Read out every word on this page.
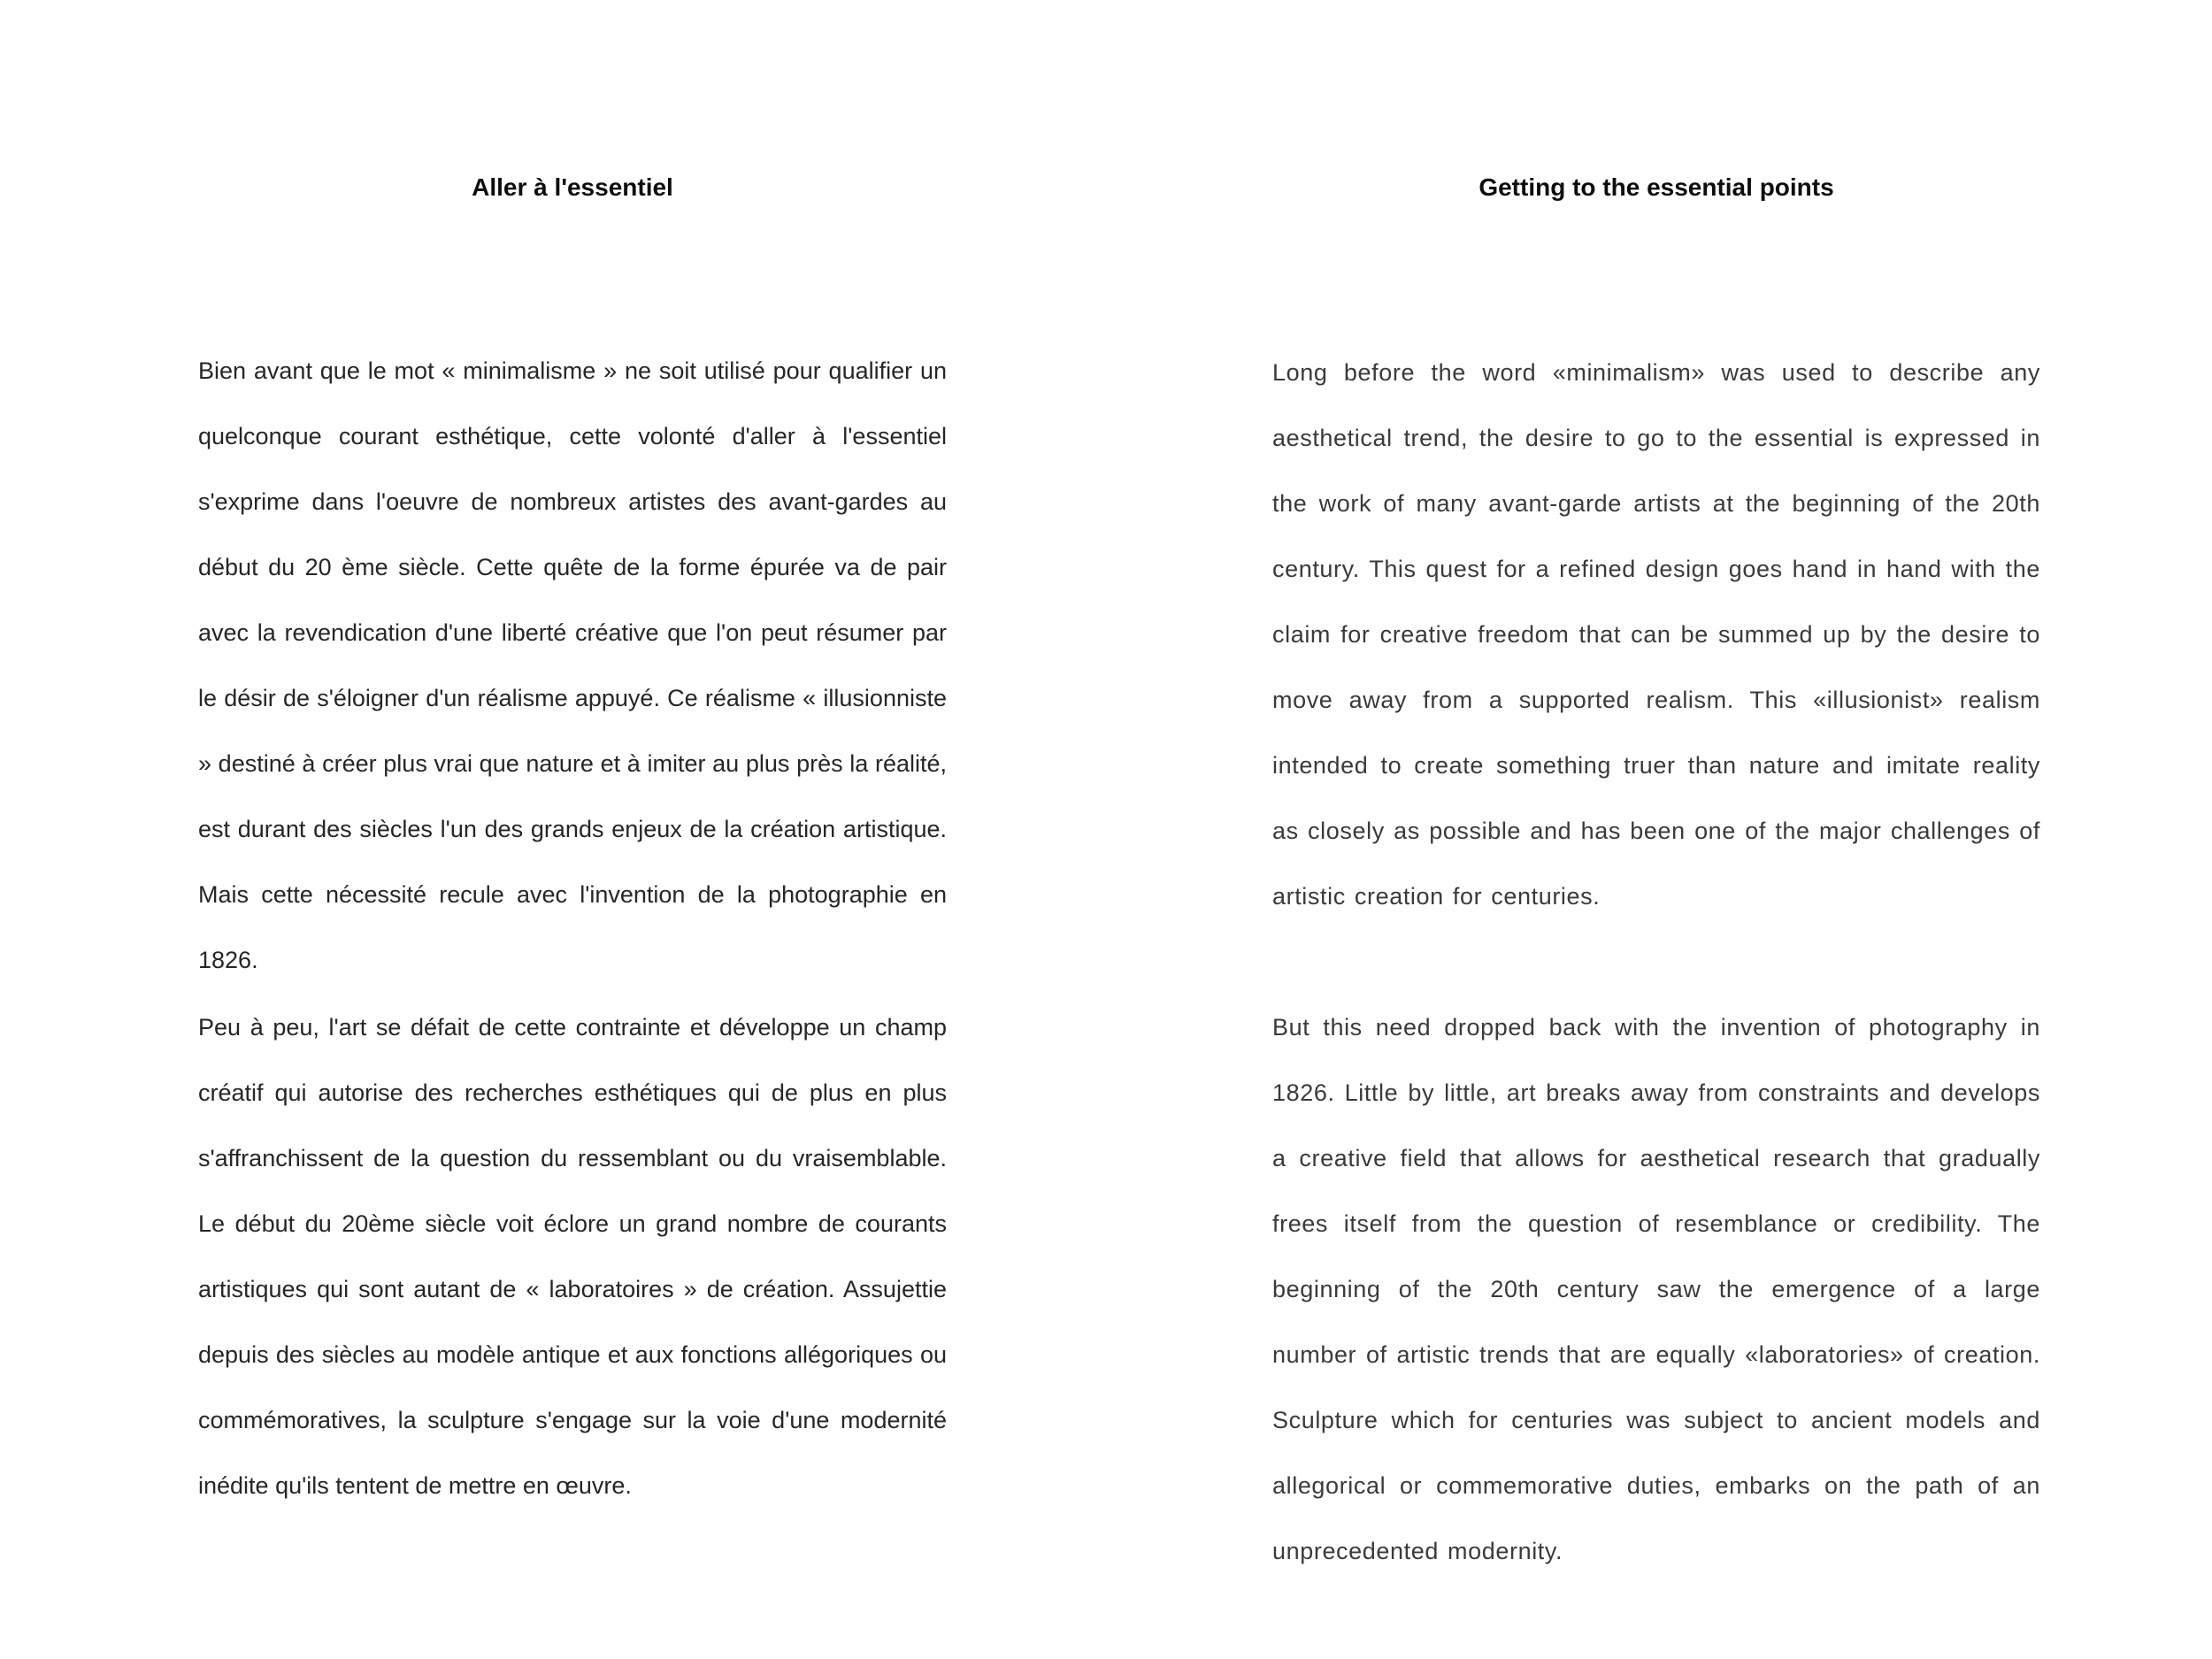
Aller à l'essentiel

Bien avant que le mot « minimalisme » ne soit utilisé pour qualifier un quelconque courant esthétique, cette volonté d'aller à l'essentiel s'exprime dans l'oeuvre de nombreux artistes des avant-gardes au début du 20 ème siècle. Cette quête de la forme épurée va de pair avec la revendication d'une liberté créative que l'on peut résumer par le désir de s'éloigner d'un réalisme appuyé. Ce réalisme « illusionniste » destiné à créer plus vrai que nature et à imiter au plus près la réalité, est durant des siècles l'un des grands enjeux de la création artistique. Mais cette nécessité recule avec l'invention de la photographie en 1826.

Peu à peu, l'art se défait de cette contrainte et développe un champ créatif qui autorise des recherches esthétiques qui de plus en plus s'affranchissent de la question du ressemblant ou du vraisemblable. Le début du 20ème siècle voit éclore un grand nombre de courants artistiques qui sont autant de « laboratoires » de création. Assujettie depuis des siècles au modèle antique et aux fonctions allégoriques ou commémoratives, la sculpture s'engage sur la voie d'une modernité inédite qu'ils tentent de mettre en œuvre.

Getting to the essential points

Long before the word «minimalism» was used to describe any aesthetical trend, the desire to go to the essential is expressed in the work of many avant-garde artists at the beginning of the 20th century. This quest for a refined design goes hand in hand with the claim for creative freedom that can be summed up by the desire to move away from a supported realism. This «illusionist» realism intended to create something truer than nature and imitate reality as closely as possible and has been one of the major challenges of artistic creation for centuries.

But this need dropped back with the invention of photography in 1826. Little by little, art breaks away from constraints and develops a creative field that allows for aesthetical research that gradually frees itself from the question of resemblance or credibility. The beginning of the 20th century saw the emergence of a large number of artistic trends that are equally «laboratories» of creation. Sculpture which for centuries was subject to ancient models and allegorical or commemorative duties, embarks on the path of an unprecedented modernity.
